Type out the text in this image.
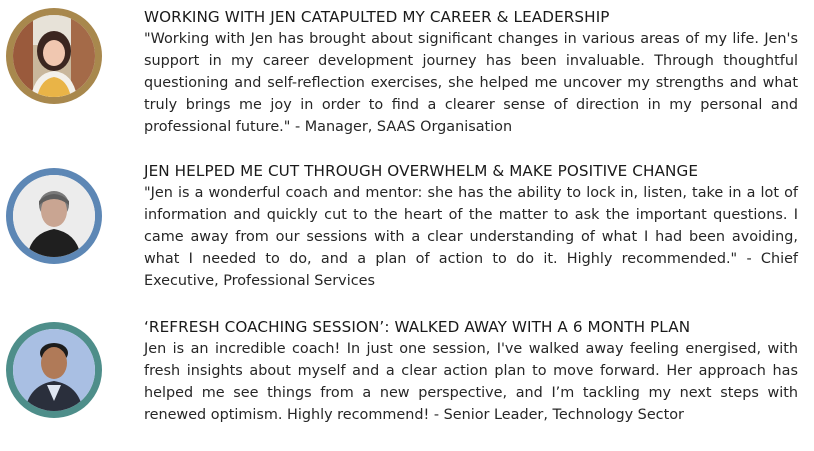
WORKING WITH JEN CATAPULTED MY CAREER & LEADERSHIP

"Working with Jen has brought about significant changes in various areas of my life. Jen's support in my career development journey has been invaluable. Through thoughtful questioning and self-reflection exercises, she helped me uncover my strengths and what truly brings me joy in order to find a clearer sense of direction in my personal and professional future." - Manager, SAAS Organisation

JEN HELPED ME CUT THROUGH OVERWHELM & MAKE POSITIVE CHANGE

"Jen is a wonderful coach and mentor: she has the ability to lock in, listen, take in a lot of information and quickly cut to the heart of the matter to ask the important questions. I came away from our sessions with a clear understanding of what I had been avoiding, what I needed to do, and a plan of action to do it. Highly recommended." - Chief Executive, Professional Services

‘REFRESH COACHING SESSION’: WALKED AWAY WITH A 6 MONTH PLAN

Jen is an incredible coach! In just one session, I've walked away feeling energised, with fresh insights about myself and a clear action plan to move forward. Her approach has helped me see things from a new perspective, and I’m tackling my next steps with renewed optimism. Highly recommend! - Senior Leader, Technology Sector
